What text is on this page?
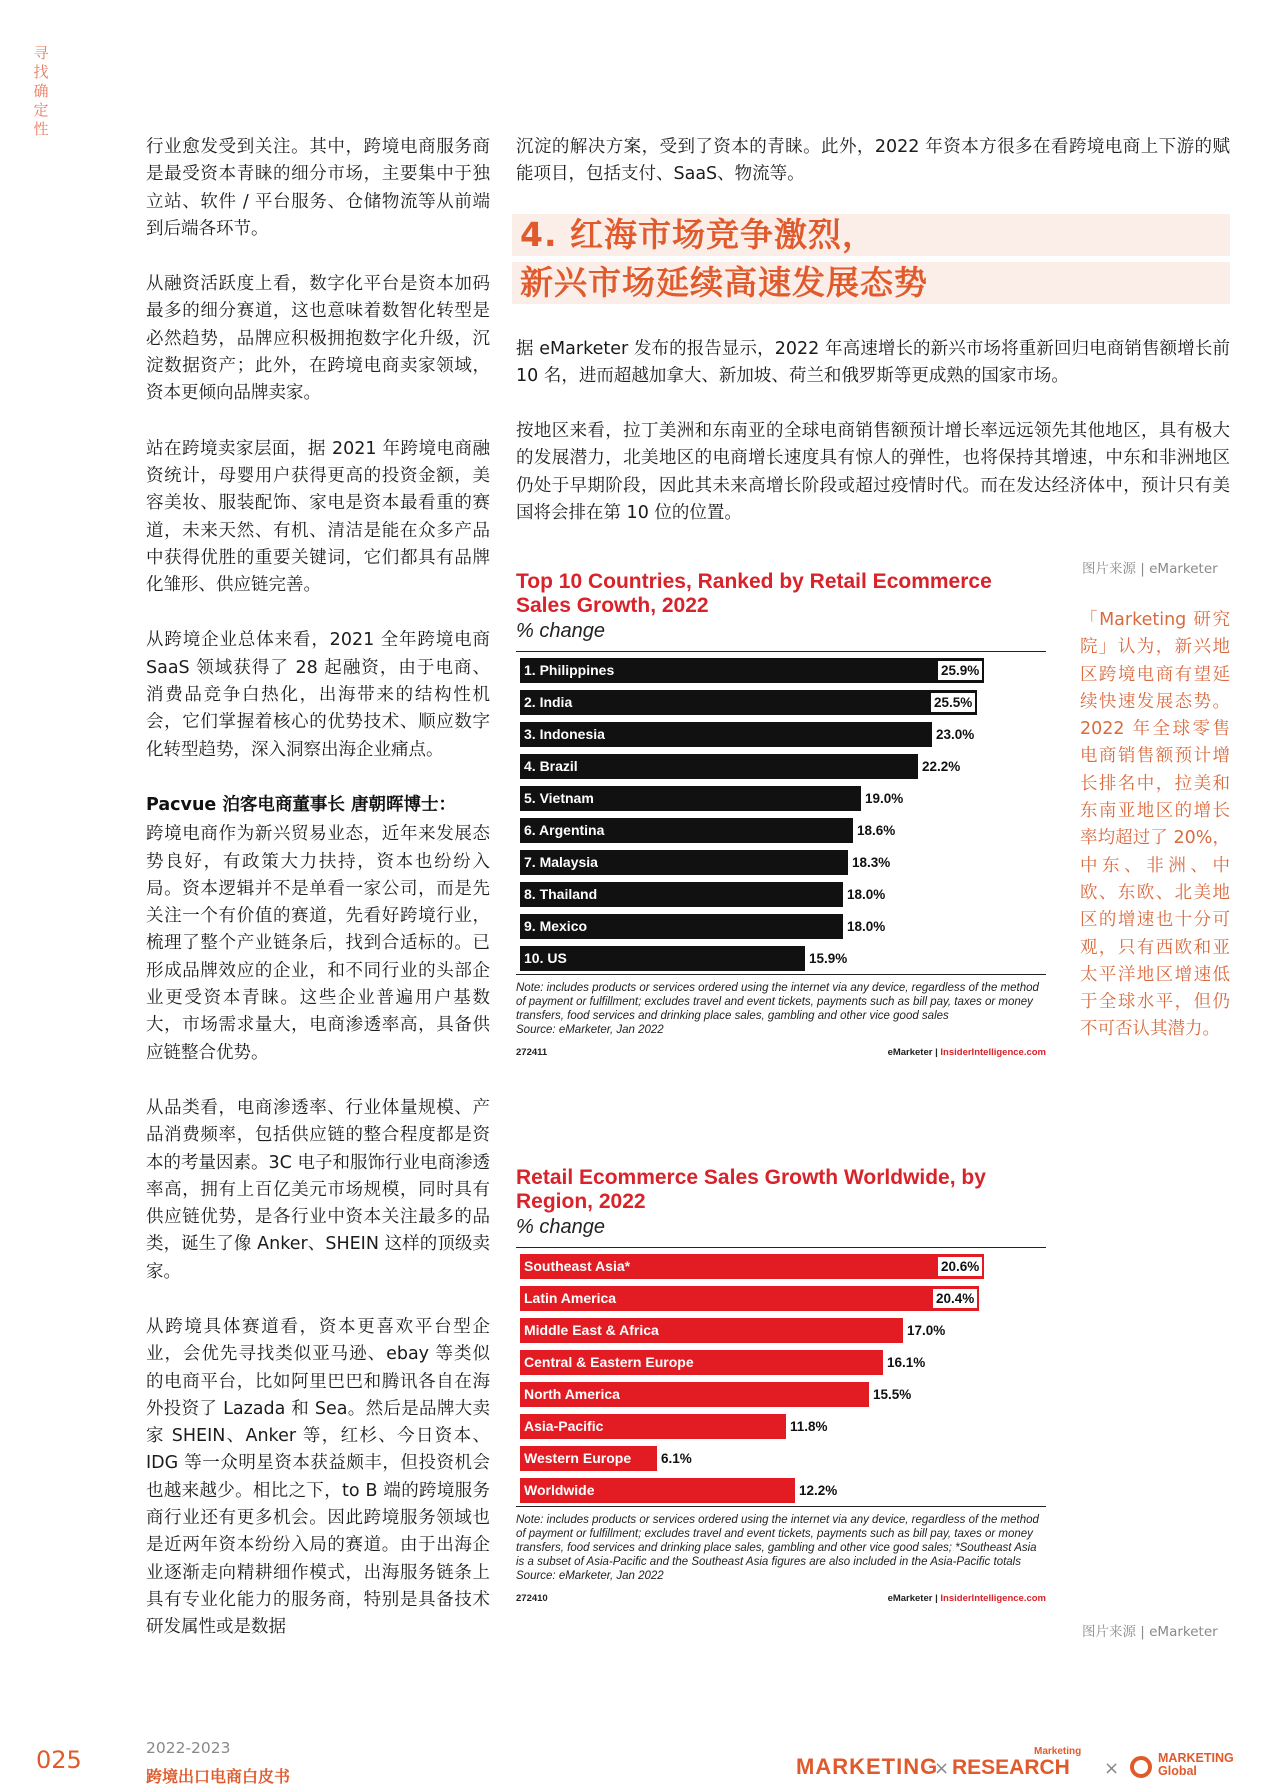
寻
找
确
定
性

行业愈发受到关注。其中，跨境电商服务商是最受资本青睐的细分市场，主要集中于独立站、软件 / 平台服务、仓储物流等从前端到后端各环节。

从融资活跃度上看，数字化平台是资本加码最多的细分赛道，这也意味着数智化转型是必然趋势，品牌应积极拥抱数字化升级，沉淀数据资产；此外，在跨境电商卖家领域，资本更倾向品牌卖家。

站在跨境卖家层面，据 2021 年跨境电商融资统计，母婴用户获得更高的投资金额，美容美妆、服装配饰、家电是资本最看重的赛道，未来天然、有机、清洁是能在众多产品中获得优胜的重要关键词，它们都具有品牌化雏形、供应链完善。

从跨境企业总体来看，2021 全年跨境电商 SaaS 领域获得了 28 起融资，由于电商、消费品竞争白热化，出海带来的结构性机会，它们掌握着核心的优势技术、顺应数字化转型趋势，深入洞察出海企业痛点。

Pacvue 泊客电商董事长 唐朝晖博士：

跨境电商作为新兴贸易业态，近年来发展态势良好，有政策大力扶持，资本也纷纷入局。资本逻辑并不是单看一家公司，而是先关注一个有价值的赛道，先看好跨境行业，梳理了整个产业链条后，找到合适标的。已形成品牌效应的企业，和不同行业的头部企业更受资本青睐。这些企业普遍用户基数大，市场需求量大，电商渗透率高，具备供应链整合优势。

从品类看，电商渗透率、行业体量规模、产品消费频率，包括供应链的整合程度都是资本的考量因素。3C 电子和服饰行业电商渗透率高，拥有上百亿美元市场规模，同时具有供应链优势，是各行业中资本关注最多的品类，诞生了像 Anker、SHEIN 这样的顶级卖家。

从跨境具体赛道看，资本更喜欢平台型企业，会优先寻找类似亚马逊、ebay 等类似的电商平台，比如阿里巴巴和腾讯各自在海外投资了 Lazada 和 Sea。然后是品牌大卖家 SHEIN、Anker 等，红杉、今日资本、IDG 等一众明星资本获益颇丰，但投资机会也越来越少。相比之下，to B 端的跨境服务商行业还有更多机会。因此跨境服务领域也是近两年资本纷纷入局的赛道。由于出海企业逐渐走向精耕细作模式，出海服务链条上具有专业化能力的服务商，特别是具备技术研发属性或是数据

沉淀的解决方案，受到了资本的青睐。此外，2022 年资本方很多在看跨境电商上下游的赋能项目，包括支付、SaaS、物流等。

4. 红海市场竞争激烈，
新兴市场延续高速发展态势
据 eMarketer 发布的报告显示，2022 年高速增长的新兴市场将重新回归电商销售额增长前 10 名，进而超越加拿大、新加坡、荷兰和俄罗斯等更成熟的国家市场。
按地区来看，拉丁美洲和东南亚的全球电商销售额预计增长率远远领先其他地区，具有极大的发展潜力，北美地区的电商增长速度具有惊人的弹性，也将保持其增速，中东和非洲地区仍处于早期阶段，因此其未来高增长阶段或超过疫情时代。而在发达经济体中，预计只有美国将会排在第 10 位的位置。
图片来源 | eMarketer
「Marketing 研究院」认为，新兴地区跨境电商有望延续快速发展态势。2022 年全球零售电商销售额预计增长排名中，拉美和东南亚地区的增长率均超过了 20%，中东、非洲、中欧、东欧、北美地区的增速也十分可观，只有西欧和亚太平洋地区增速低于全球水平，但仍不可否认其潜力。
Top 10 Countries, Ranked by Retail Ecommerce Sales Growth, 2022
% change
1. Philippines	25.9%
2. India	25.5%
3. Indonesia	23.0%
4. Brazil	22.2%
5. Vietnam	19.0%
6. Argentina	18.6%
7. Malaysia	18.3%
8. Thailand	18.0%
9. Mexico	18.0%
10. US	15.9%
Note: includes products or services ordered using the internet via any device, regardless of the method of payment or fulfillment; excludes travel and event tickets, payments such as bill pay, taxes or money transfers, food services and drinking place sales, gambling and other vice good sales
Source: eMarketer, Jan 2022
272411	eMarketer | InsiderIntelligence.com
Retail Ecommerce Sales Growth Worldwide, by Region, 2022
% change
Southeast Asia*	20.6%
Latin America	20.4%
Middle East & Africa	17.0%
Central & Eastern Europe	16.1%
North America	15.5%
Asia-Pacific	11.8%
Western Europe 6.1%
Worldwide	12.2%
Note: includes products or services ordered using the internet via any device, regardless of the method of payment or fulfillment; excludes travel and event tickets, payments such as bill pay, taxes or money transfers, food services and drinking place sales, gambling and other vice good sales; *Southeast Asia is a subset of Asia-Pacific and the Southeast Asia figures are also included in the Asia-Pacific totals
Source: eMarketer, Jan 2022
272410	eMarketer | InsiderIntelligence.com
图片来源 | eMarketer
025	2022-2023
跨境出口电商白皮书	MARKETING
×
Marketing
RESEARCH ×	MARKETING
Global
